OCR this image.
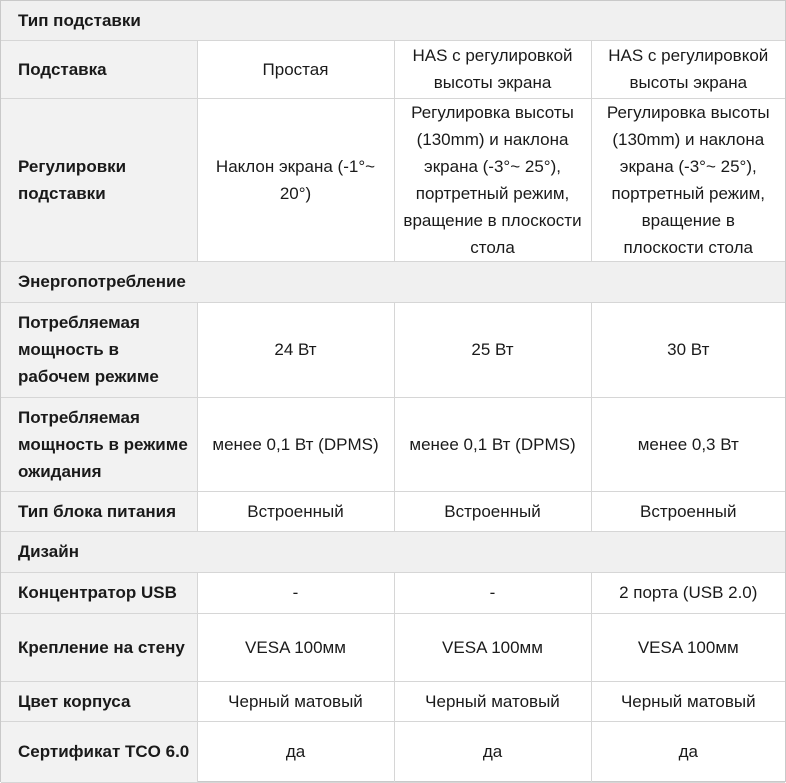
Тип подставки			
Подставка	Простая	HAS с регулировкой высоты экрана	HAS с регулировкой высоты экрана
Регулировки подставки	Наклон экрана (-1°~ 20°)	Регулировка высоты (130mm) и наклона экрана (-3°~ 25°), портретный режим, вращение в плоскости стола	Регулировка высоты (130mm) и наклона экрана (-3°~ 25°), портретный режим, вращение в плоскости стола
Энергопотребление			
Потребляемая мощность в рабочем режиме	24 Вт	25 Вт	30 Вт
Потребляемая мощность в режиме ожидания	менее 0,1 Вт (DPMS)	менее 0,1 Вт (DPMS)	менее 0,3 Вт
Тип блока питания	Встроенный	Встроенный	Встроенный
Дизайн			
Концентратор USB	-	-	2 порта (USB 2.0)
Крепление на стену	VESA 100мм	VESA 100мм	VESA 100мм
Цвет корпуса	Черный матовый	Черный матовый	Черный матовый
Сертификат TCO 6.0	да	да	да
